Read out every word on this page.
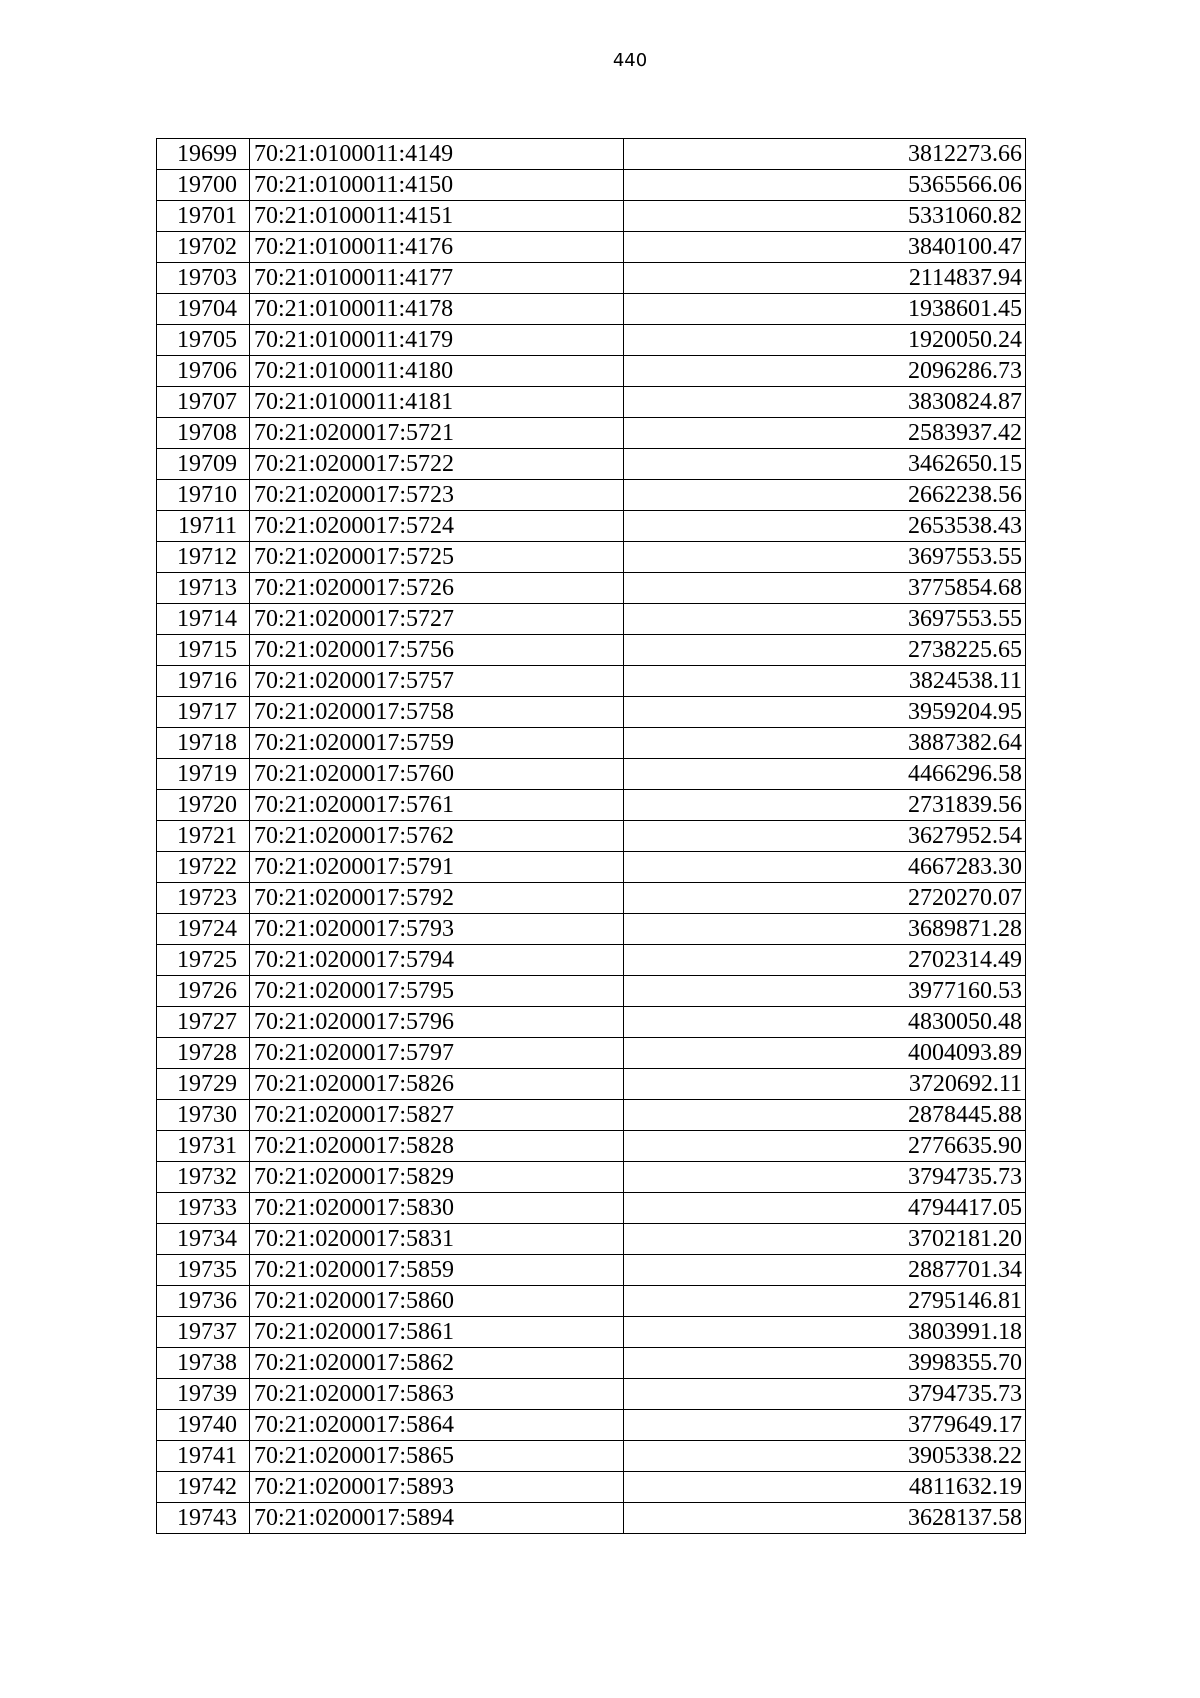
440
19699	70:21:0100011:4149	3812273.66
19700	70:21:0100011:4150	5365566.06
19701	70:21:0100011:4151	5331060.82
19702	70:21:0100011:4176	3840100.47
19703	70:21:0100011:4177	2114837.94
19704	70:21:0100011:4178	1938601.45
19705	70:21:0100011:4179	1920050.24
19706	70:21:0100011:4180	2096286.73
19707	70:21:0100011:4181	3830824.87
19708	70:21:0200017:5721	2583937.42
19709	70:21:0200017:5722	3462650.15
19710	70:21:0200017:5723	2662238.56
19711	70:21:0200017:5724	2653538.43
19712	70:21:0200017:5725	3697553.55
19713	70:21:0200017:5726	3775854.68
19714	70:21:0200017:5727	3697553.55
19715	70:21:0200017:5756	2738225.65
19716	70:21:0200017:5757	3824538.11
19717	70:21:0200017:5758	3959204.95
19718	70:21:0200017:5759	3887382.64
19719	70:21:0200017:5760	4466296.58
19720	70:21:0200017:5761	2731839.56
19721	70:21:0200017:5762	3627952.54
19722	70:21:0200017:5791	4667283.30
19723	70:21:0200017:5792	2720270.07
19724	70:21:0200017:5793	3689871.28
19725	70:21:0200017:5794	2702314.49
19726	70:21:0200017:5795	3977160.53
19727	70:21:0200017:5796	4830050.48
19728	70:21:0200017:5797	4004093.89
19729	70:21:0200017:5826	3720692.11
19730	70:21:0200017:5827	2878445.88
19731	70:21:0200017:5828	2776635.90
19732	70:21:0200017:5829	3794735.73
19733	70:21:0200017:5830	4794417.05
19734	70:21:0200017:5831	3702181.20
19735	70:21:0200017:5859	2887701.34
19736	70:21:0200017:5860	2795146.81
19737	70:21:0200017:5861	3803991.18
19738	70:21:0200017:5862	3998355.70
19739	70:21:0200017:5863	3794735.73
19740	70:21:0200017:5864	3779649.17
19741	70:21:0200017:5865	3905338.22
19742	70:21:0200017:5893	4811632.19
19743	70:21:0200017:5894	3628137.58
